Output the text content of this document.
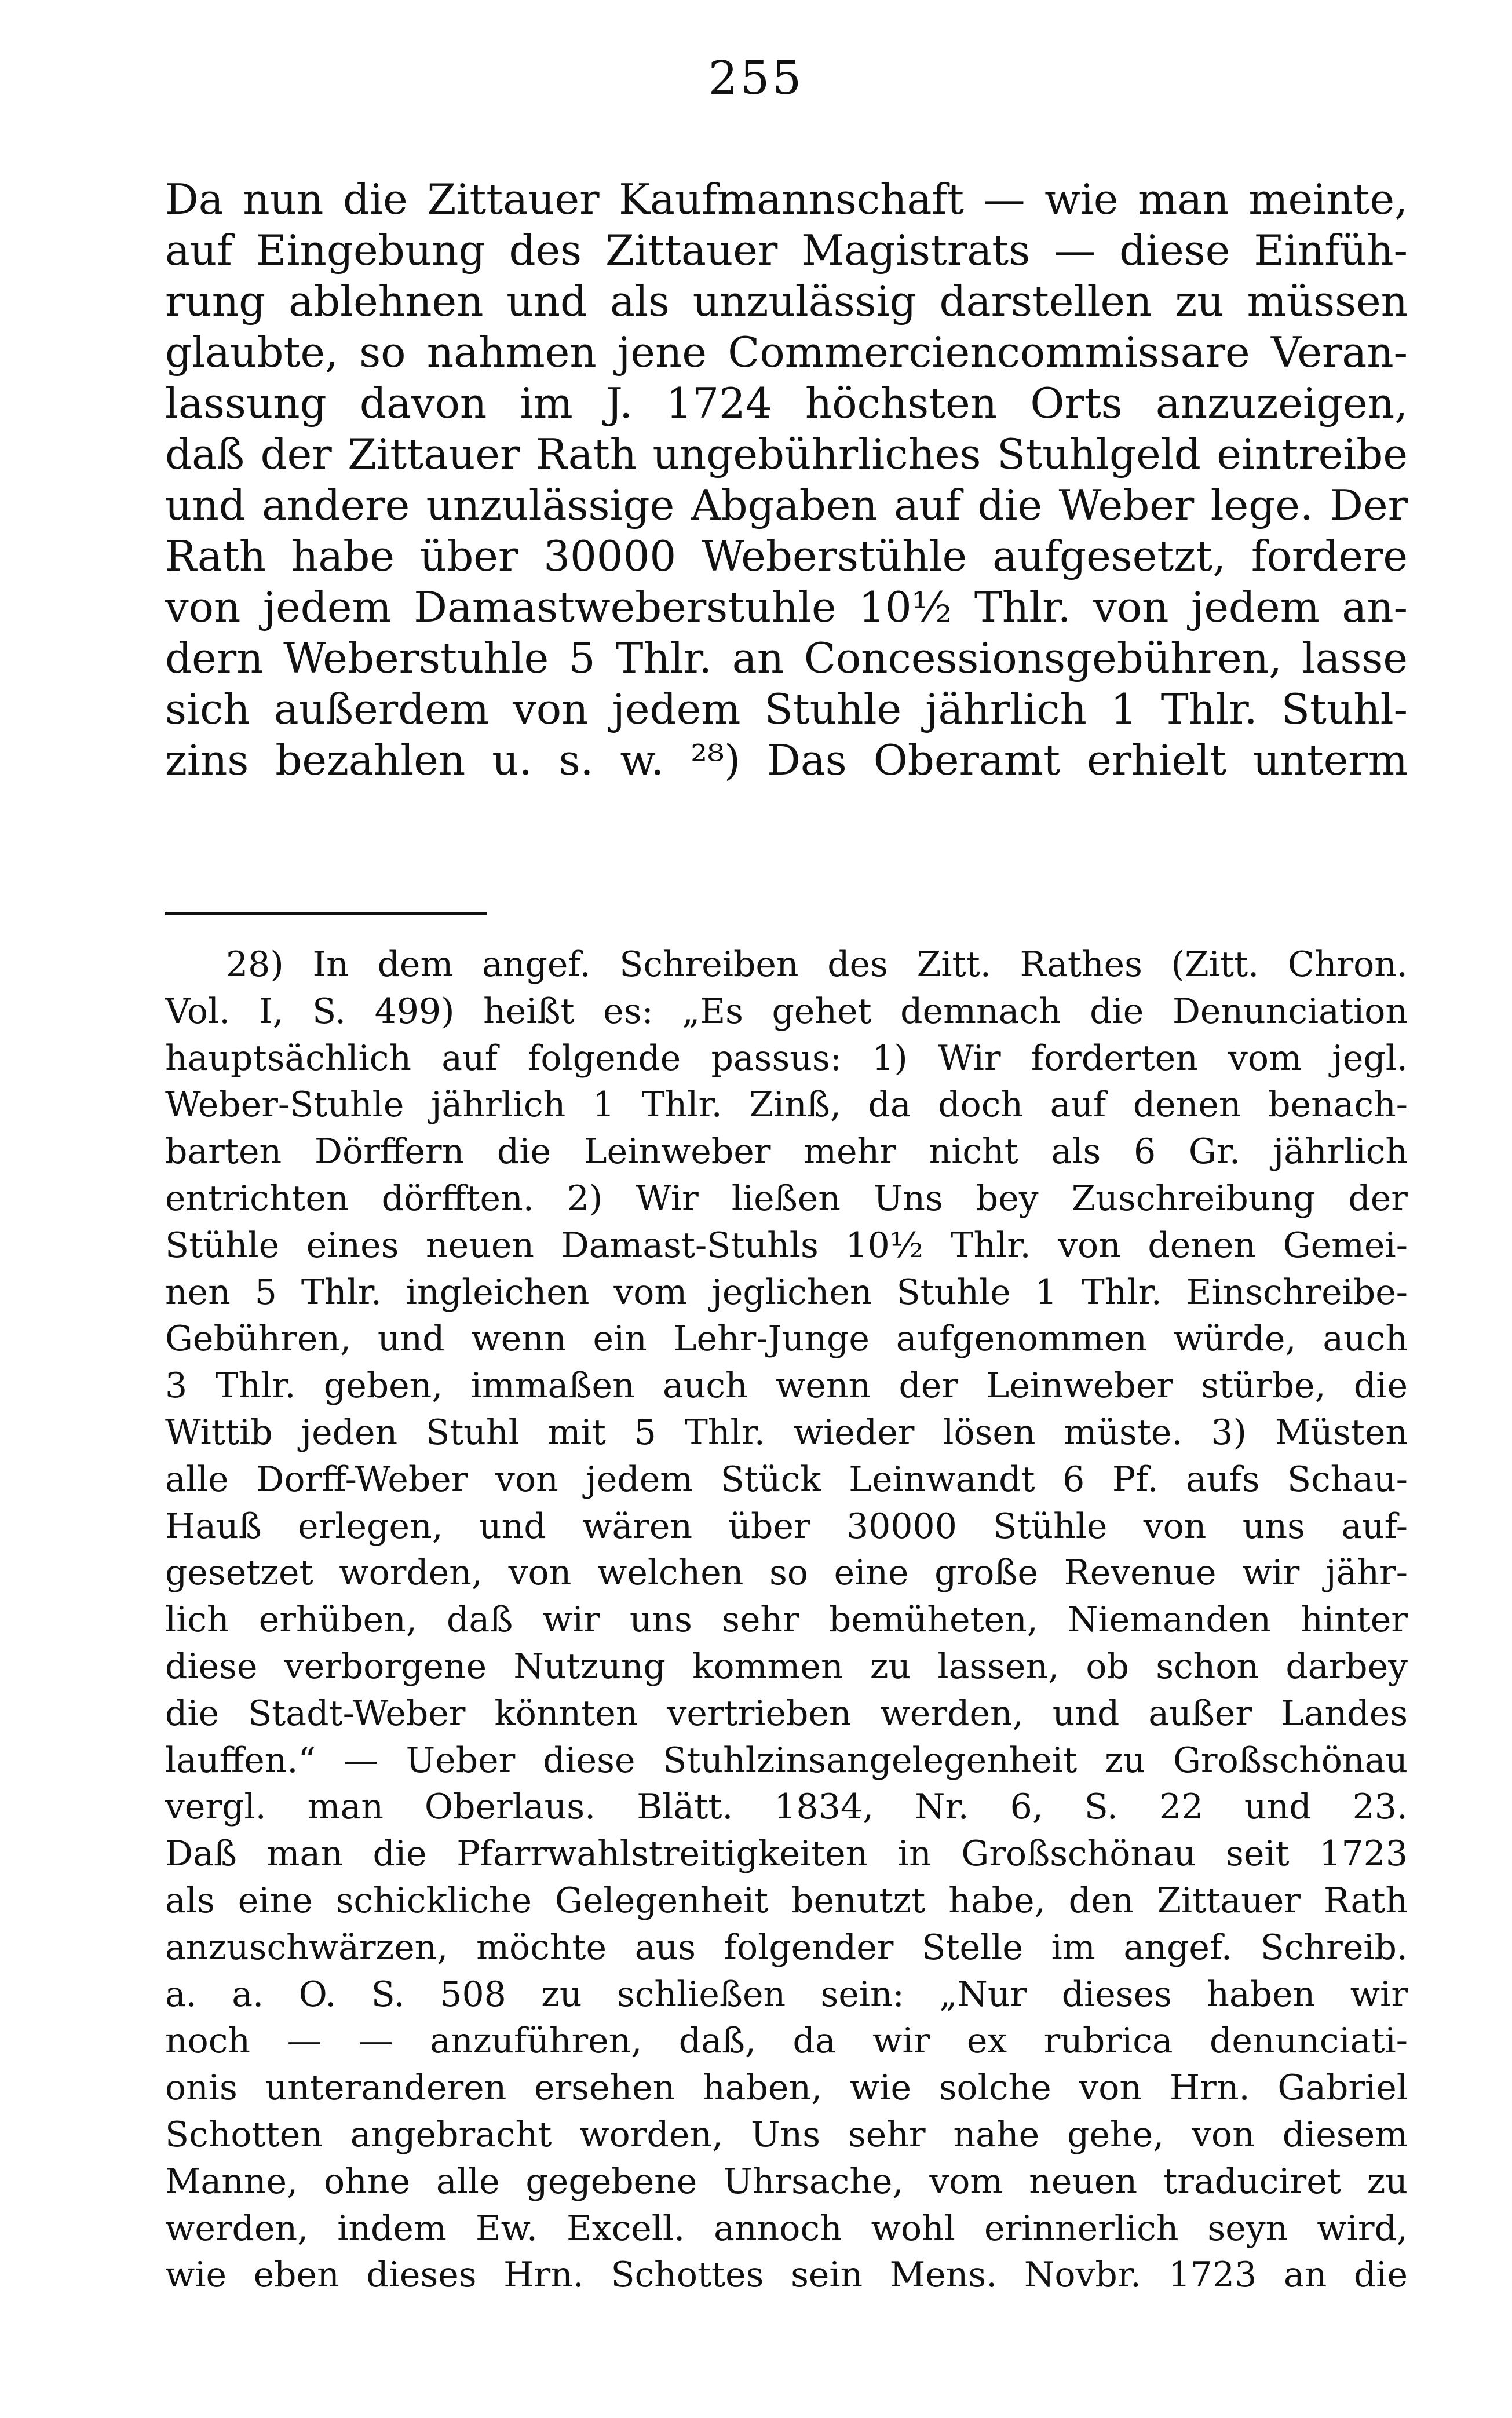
255
Da nun die Zittauer Kaufmannschaft — wie man meinte,
auf Eingebung des Zittauer Magistrats — diese Einfüh-
rung ablehnen und als unzulässig darstellen zu müssen
glaubte, so nahmen jene Commerciencommissare Veran-
lassung davon im J. 1724 höchsten Orts anzuzeigen,
daß der Zittauer Rath ungebührliches Stuhlgeld eintreibe
und andere unzulässige Abgaben auf die Weber lege. Der
Rath habe über 30000 Weberstühle aufgesetzt, fordere
von jedem Damastweberstuhle 10½ Thlr. von jedem an-
dern Weberstuhle 5 Thlr. an Concessionsgebühren, lasse
sich außerdem von jedem Stuhle jährlich 1 Thlr. Stuhl-
zins bezahlen u. s. w. ²⁸) Das Oberamt erhielt unterm
28) In dem angef. Schreiben des Zitt. Rathes (Zitt. Chron.
Vol. I, S. 499) heißt es: „Es gehet demnach die Denunciation
hauptsächlich auf folgende passus: 1) Wir forderten vom jegl.
Weber-Stuhle jährlich 1 Thlr. Zinß, da doch auf denen benach-
barten Dörffern die Leinweber mehr nicht als 6 Gr. jährlich
entrichten dörfften. 2) Wir ließen Uns bey Zuschreibung der
Stühle eines neuen Damast-Stuhls 10½ Thlr. von denen Gemei-
nen 5 Thlr. ingleichen vom jeglichen Stuhle 1 Thlr. Einschreibe-
Gebühren, und wenn ein Lehr-Junge aufgenommen würde, auch
3 Thlr. geben, immaßen auch wenn der Leinweber stürbe, die
Wittib jeden Stuhl mit 5 Thlr. wieder lösen müste. 3) Müsten
alle Dorff-Weber von jedem Stück Leinwandt 6 Pf. aufs Schau-
Hauß erlegen, und wären über 30000 Stühle von uns auf-
gesetzet worden, von welchen so eine große Revenue wir jähr-
lich erhüben, daß wir uns sehr bemüheten, Niemanden hinter
diese verborgene Nutzung kommen zu lassen, ob schon darbey
die Stadt-Weber könnten vertrieben werden, und außer Landes
lauffen.“ — Ueber diese Stuhlzinsangelegenheit zu Großschönau
vergl. man Oberlaus. Blätt. 1834, Nr. 6, S. 22 und 23.
Daß man die Pfarrwahlstreitigkeiten in Großschönau seit 1723
als eine schickliche Gelegenheit benutzt habe, den Zittauer Rath
anzuschwärzen, möchte aus folgender Stelle im angef. Schreib.
a. a. O. S. 508 zu schließen sein: „Nur dieses haben wir
noch — — anzuführen, daß, da wir ex rubrica denunciati-
onis unteranderen ersehen haben, wie solche von Hrn. Gabriel
Schotten angebracht worden, Uns sehr nahe gehe, von diesem
Manne, ohne alle gegebene Uhrsache, vom neuen traduciret zu
werden, indem Ew. Excell. annoch wohl erinnerlich seyn wird,
wie eben dieses Hrn. Schottes sein Mens. Novbr. 1723 an die
